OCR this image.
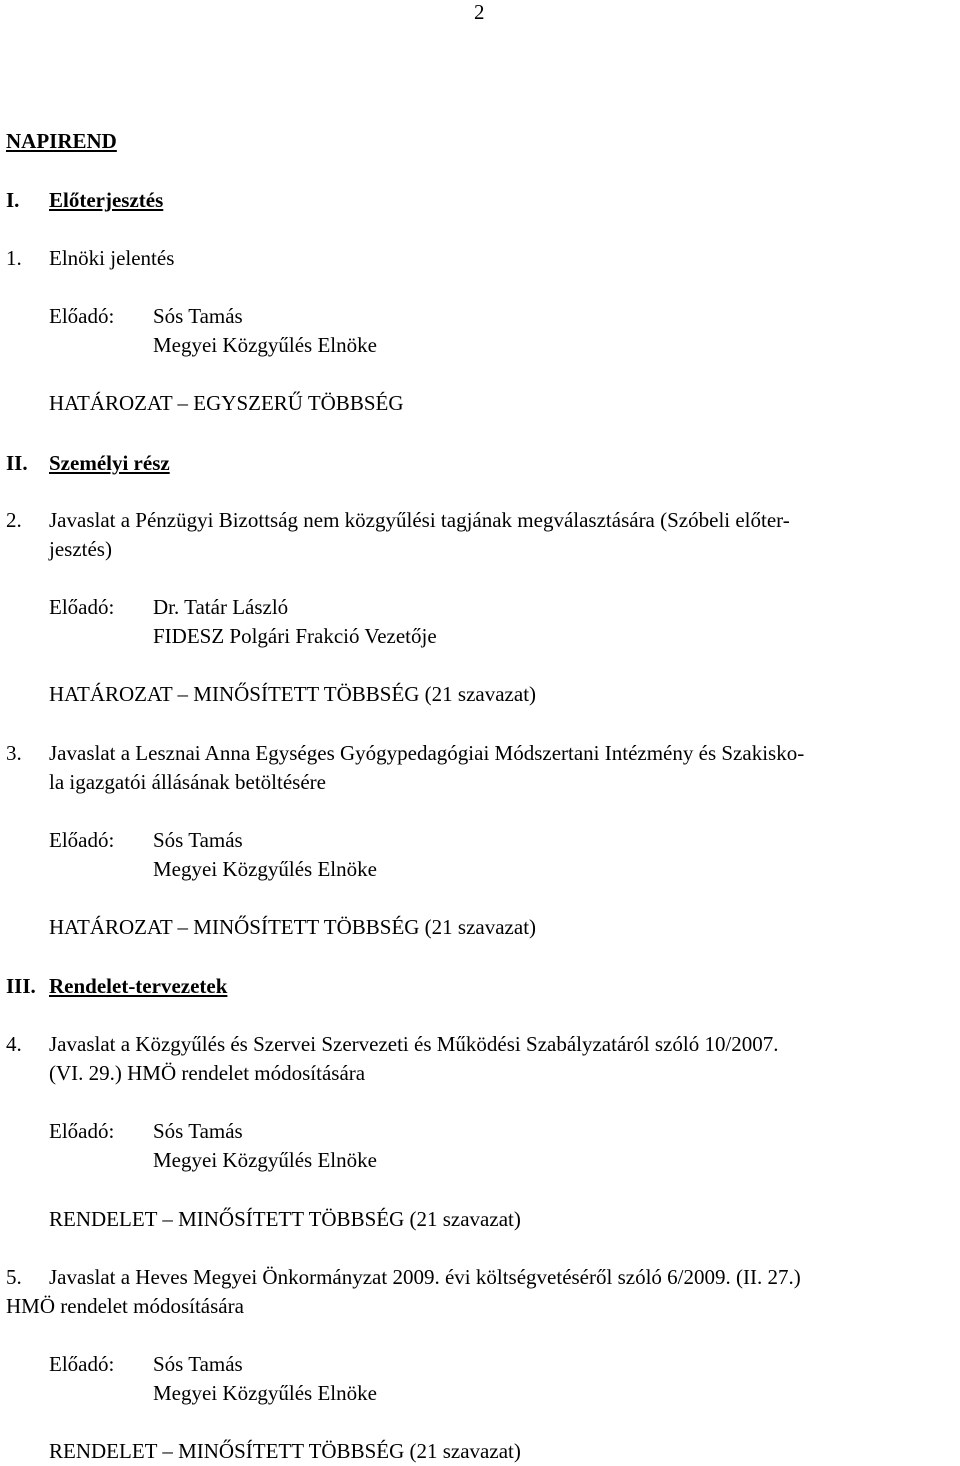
2
NAPIREND
I. Előterjesztés
1. Elnöki jelentés
Előadó: Sós Tamás
Megyei Közgyűlés Elnöke
HATÁROZAT – EGYSZERŰ TÖBBSÉG
II. Személyi rész
2. Javaslat a Pénzügyi Bizottság nem közgyűlési tagjának megválasztására (Szóbeli előter-
jesztés)
Előadó: Dr. Tatár László
FIDESZ Polgári Frakció Vezetője
HATÁROZAT – MINŐSÍTETT TÖBBSÉG (21 szavazat)
3. Javaslat a Lesznai Anna Egységes Gyógypedagógiai Módszertani Intézmény és Szakisko-
la igazgatói állásának betöltésére
Előadó: Sós Tamás
Megyei Közgyűlés Elnöke
HATÁROZAT – MINŐSÍTETT TÖBBSÉG (21 szavazat)
III. Rendelet-tervezetek
4. Javaslat a Közgyűlés és Szervei Szervezeti és Működési Szabályzatáról szóló 10/2007.
(VI. 29.) HMÖ rendelet módosítására
Előadó: Sós Tamás
Megyei Közgyűlés Elnöke
RENDELET – MINŐSÍTETT TÖBBSÉG (21 szavazat)
5. Javaslat a Heves Megyei Önkormányzat 2009. évi költségvetéséről szóló 6/2009. (II. 27.)
HMÖ rendelet módosítására
Előadó: Sós Tamás
Megyei Közgyűlés Elnöke
RENDELET – MINŐSÍTETT TÖBBSÉG (21 szavazat)
